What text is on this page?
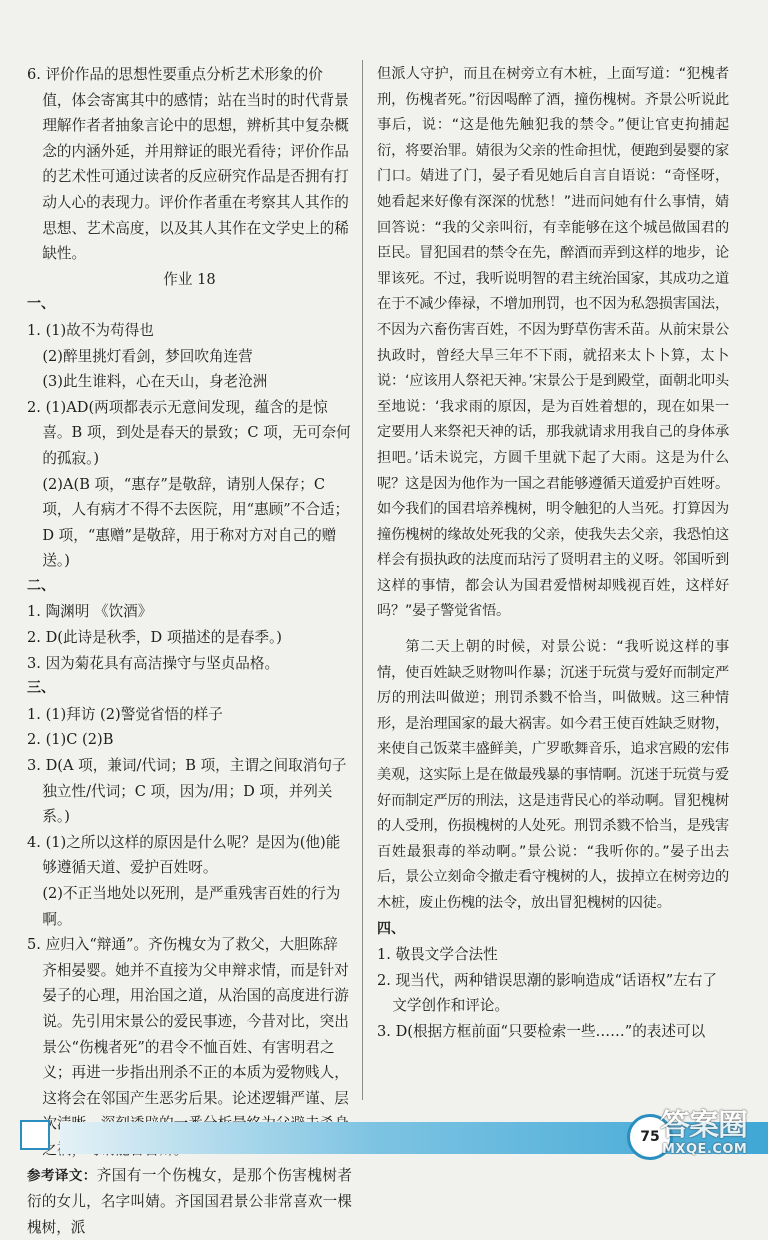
6. 评价作品的思想性要重点分析艺术形象的价值，体会寄寓其中的感情；站在当时的时代背景理解作者者抽象言论中的思想，辨析其中复杂概念的内涵外延，并用辩证的眼光看待；评价作品的艺术性可通过读者的反应研究作品是否拥有打动人心的表现力。评价作者重在考察其人其作的思想、艺术高度，以及其人其作在文学史上的稀缺性。

作业 18

一、

1. (1)故不为苟得也

(2)醉里挑灯看剑，梦回吹角连营

(3)此生谁料，心在天山，身老沧洲

2. (1)AD(两项都表示无意间发现，蕴含的是惊喜。B 项，到处是春天的景致；C 项，无可奈何的孤寂。)

(2)A(B 项，“惠存”是敬辞，请别人保存；C 项，人有病才不得不去医院，用“惠顾”不合适；D 项，“惠赠”是敬辞，用于称对方对自己的赠送。)

二、

1. 陶渊明 《饮酒》

2. D(此诗是秋季，D 项描述的是春季。)

3. 因为菊花具有高洁操守与坚贞品格。

三、

1. (1)拜访 (2)警觉省悟的样子

2. (1)C (2)B

3. D(A 项，兼词/代词；B 项，主谓之间取消句子独立性/代词；C 项，因为/用；D 项，并列关系。)

4. (1)之所以这样的原因是什么呢？是因为(他)能够遵循天道、爱护百姓呀。

(2)不正当地处以死刑，是严重残害百姓的行为啊。

5. 应归入“辩通”。齐伤槐女为了救父，大胆陈辞齐相晏婴。她并不直接为父申辩求情，而是针对晏子的心理，用治国之道，从治国的高度进行游说。先引用宋景公的爱民事迹，今昔对比，突出景公“伤槐者死”的君令不恤百姓、有害明君之义；再进一步指出刑杀不正的本质为爱物贱人，这将会在邻国产生恶劣后果。论述逻辑严谨、层次清

参考译文：齐国有一个伤槐女，是那个伤害槐树者衍的女儿，名字叫婧。齐国国君景公非常喜欢一棵槐树，派

但派人守护，而且在树旁立有木桩，上面写道：“犯槐者刑，伤槐者死。”衍因喝醉了酒，撞伤槐树。齐景公听说此事后，说：“这是他先触犯我的禁令。”便让官吏拘捕起衍，将要治罪。婧很为父亲的性命担忧，便跑到晏婴的家门口。婧进了门，晏子看见她后自言自语说：“奇怪呀，她看起来好像有深深的忧愁！”进而问她有什么事情，婧回答说：“我的父亲叫衍，有幸能够在这个城邑做国君的臣民。冒犯国君的禁令在先，醉酒而弄到这样的地步，论罪该死。不过，我听说明智的君主统治国家，其成功之道在于不减少俸禄，不增加刑罚，也不因为私怨损害国法，不因为六畜伤害百姓，不因为野草伤害禾苗。从前宋景公执政时，曾经大旱三年不下雨，就招来太卜卜算，太卜说：‘应该用人祭祀天神。’宋景公于是到殿堂，面朝北叩头至地说：‘我求雨的原因，是为百姓着想的，现在如果一定要用人来祭祀天神的话，那我就请求用我自己的身体承担吧。’话未说完，方圆千里就下起了大雨。这是为什么呢？这是因为他作为一国之君能够遵循天道爱护百姓呀。如今我们的国君培养槐树，明令触犯的人当死。打算因为撞伤槐树的缘故处死我的父亲，使我失去父亲，我恐怕这样会有损执政的法度而玷污了贤明君主的义呀。邻国听到这样的事情，都会认为国君爱惜树却贱视百姓，这样好吗？”晏子警觉省悟。

第二天上朝的时候，对景公说：“我听说这样的事情，使百姓缺乏财物叫作暴；沉迷于玩赏与爱好而制定严厉的刑法叫做逆；刑罚杀戮不恰当，叫做贼。这三种情形，是治理国家的最大祸害。如今君王使百姓缺乏财物，来使自己饭菜丰盛鲜美，广罗歌舞音乐，追求宫殿的宏伟美观，这实际上是在做最残暴的事情啊。沉迷于玩赏与爱好而制定严厉的刑法，这是违背民心的举动啊。冒犯槐树的人受刑，伤损槐树的人处死。刑罚杀戮不恰当，是残害百姓最狠毒的举动啊。”景公说：“我听你的。”晏子出去后，景公立刻命令撤走看守槐树的人，拔掉立在树旁边的木桩，废止伤槐的法令，放出冒犯槐树的囚徒。

四、

1. 敬畏文学合法性

2. 现当代，两种错误思潮的影响造成“话语权”左右了文学创作和评论。

3. D(根据方框前面“只要检索一些……”的表述可以

75 答案圈
MXQE.COM
